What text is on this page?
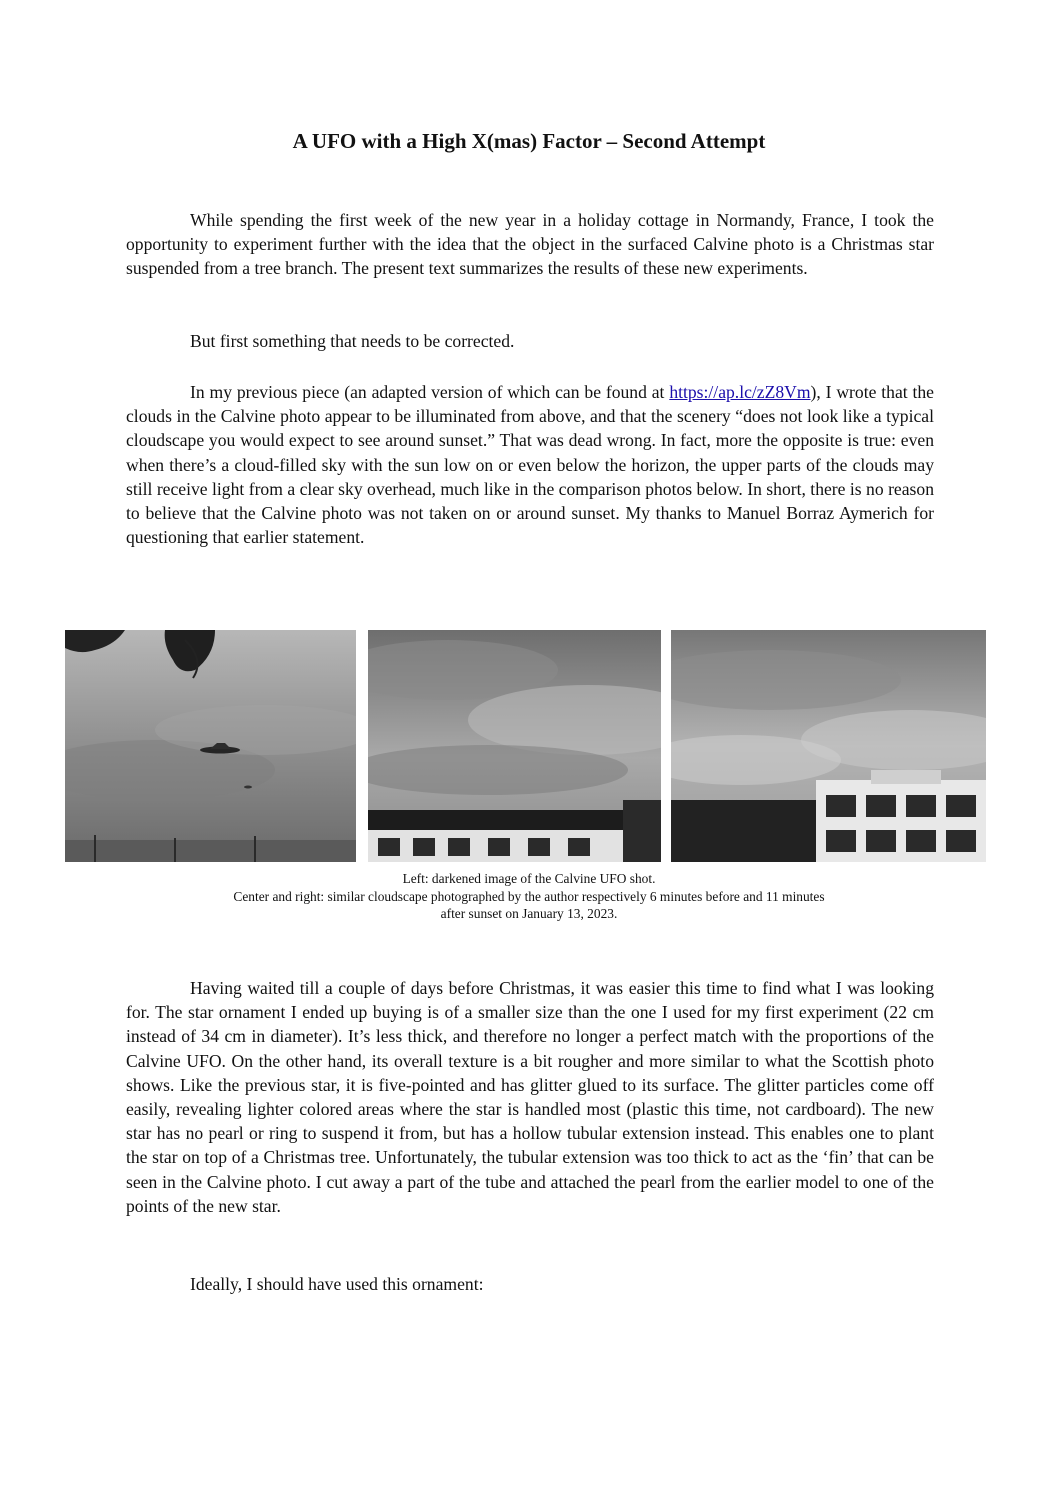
A UFO with a High X(mas) Factor – Second Attempt

While spending the first week of the new year in a holiday cottage in Normandy, France, I took the opportunity to experiment further with the idea that the object in the surfaced Calvine photo is a Christmas star suspended from a tree branch. The present text summarizes the results of these new experiments.

But first something that needs to be corrected.

In my previous piece (an adapted version of which can be found at https://ap.lc/zZ8Vm), I wrote that the clouds in the Calvine photo appear to be illuminated from above, and that the scenery “does not look like a typical cloudscape you would expect to see around sunset.” That was dead wrong. In fact, more the opposite is true: even when there’s a cloud-filled sky with the sun low on or even below the horizon, the upper parts of the clouds may still receive light from a clear sky overhead, much like in the comparison photos below. In short, there is no reason to believe that the Calvine photo was not taken on or around sunset. My thanks to Manuel Borraz Aymerich for questioning that earlier statement.

Left: darkened image of the Calvine UFO shot.
Center and right: similar cloudscape photographed by the author respectively 6 minutes before and 11 minutes
after sunset on January 13, 2023.

Having waited till a couple of days before Christmas, it was easier this time to find what I was looking for. The star ornament I ended up buying is of a smaller size than the one I used for my first experiment (22 cm instead of 34 cm in diameter). It’s less thick, and therefore no longer a perfect match with the proportions of the Calvine UFO. On the other hand, its overall texture is a bit rougher and more similar to what the Scottish photo shows. Like the previous star, it is five-pointed and has glitter glued to its surface. The glitter particles come off easily, revealing lighter colored areas where the star is handled most (plastic this time, not cardboard). The new star has no pearl or ring to suspend it from, but has a hollow tubular extension instead. This enables one to plant the star on top of a Christmas tree. Unfortunately, the tubular extension was too thick to act as the ‘fin’ that can be seen in the Calvine photo. I cut away a part of the tube and attached the pearl from the earlier model to one of the points of the new star.

Ideally, I should have used this ornament:
